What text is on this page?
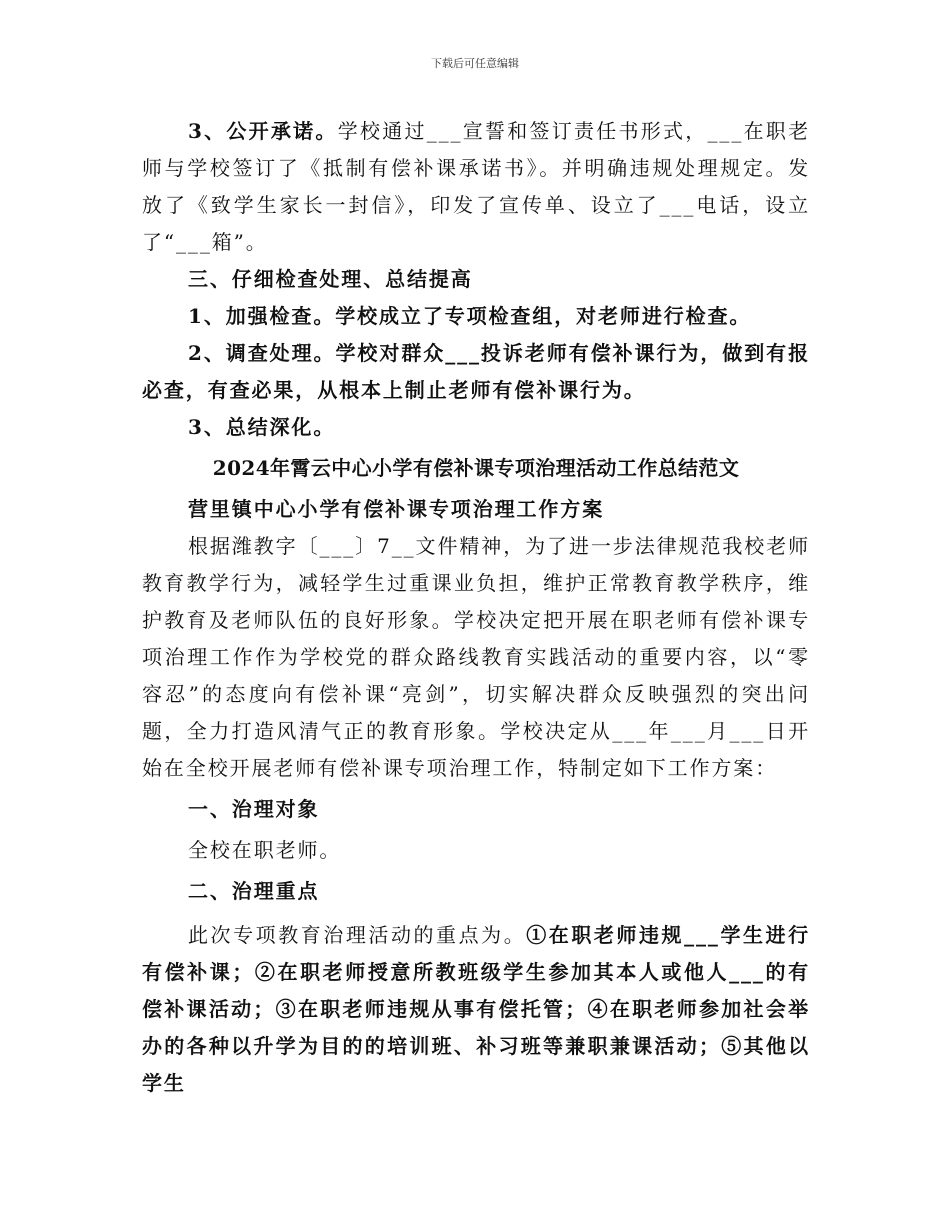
下载后可任意编辑

3、公开承诺。学校通过___宣誓和签订责任书形式，___在职老师与学校签订了《抵制有偿补课承诺书》。并明确违规处理规定。发放了《致学生家长一封信》，印发了宣传单、设立了___电话，设立了“___箱”。

三、仔细检查处理、总结提高

1、加强检查。学校成立了专项检查组，对老师进行检查。

2、调查处理。学校对群众___投诉老师有偿补课行为，做到有报必查，有查必果，从根本上制止老师有偿补课行为。

3、总结深化。

2024年霄云中心小学有偿补课专项治理活动工作总结范文

营里镇中心小学有偿补课专项治理工作方案

根据潍教字〔___〕7__文件精神，为了进一步法律规范我校老师教育教学行为，减轻学生过重课业负担，维护正常教育教学秩序，维护教育及老师队伍的良好形象。学校决定把开展在职老师有偿补课专项治理工作作为学校党的群众路线教育实践活动的重要内容，以“零容忍”的态度向有偿补课“亮剑”，切实解决群众反映强烈的突出问题，全力打造风清气正的教育形象。学校决定从___年___月___日开始在全校开展老师有偿补课专项治理工作，特制定如下工作方案：

一、治理对象

全校在职老师。

二、治理重点

此次专项教育治理活动的重点为。①在职老师违规___学生进行有偿补课；②在职老师授意所教班级学生参加其本人或他人___的有偿补课活动；③在职老师违规从事有偿托管；④在职老师参加社会举办的各种以升学为目的的培训班、补习班等兼职兼课活动；⑤其他以学生
